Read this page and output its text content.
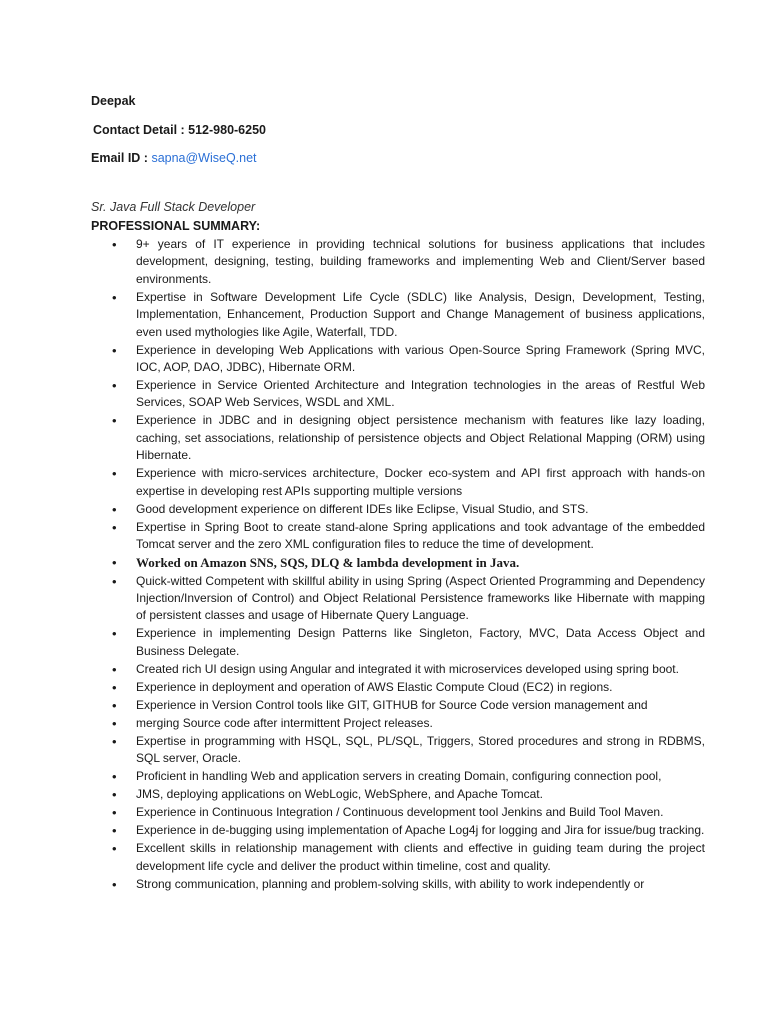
Deepak
Contact Detail : 512-980-6250
Email ID : sapna@WiseQ.net
Sr. Java Full Stack Developer
PROFESSIONAL SUMMARY:
• 9+ years of IT experience in providing technical solutions for business applications that includes development, designing, testing, building frameworks and implementing Web and Client/Server based environments.
• Expertise in Software Development Life Cycle (SDLC) like Analysis, Design, Development, Testing, Implementation, Enhancement, Production Support and Change Management of business applications, even used mythologies like Agile, Waterfall, TDD.
• Experience in developing Web Applications with various Open-Source Spring Framework (Spring MVC, IOC, AOP, DAO, JDBC), Hibernate ORM.
• Experience in Service Oriented Architecture and Integration technologies in the areas of Restful Web Services, SOAP Web Services, WSDL and XML.
• Experience in JDBC and in designing object persistence mechanism with features like lazy loading, caching, set associations, relationship of persistence objects and Object Relational Mapping (ORM) using Hibernate.
• Experience with micro-services architecture, Docker eco-system and API first approach with hands-on expertise in developing rest APIs supporting multiple versions
• Good development experience on different IDEs like Eclipse, Visual Studio, and STS.
• Expertise in Spring Boot to create stand-alone Spring applications and took advantage of the embedded Tomcat server and the zero XML configuration files to reduce the time of development.
• Worked on Amazon SNS, SQS, DLQ & lambda development in Java.
• Quick-witted Competent with skillful ability in using Spring (Aspect Oriented Programming and Dependency Injection/Inversion of Control) and Object Relational Persistence frameworks like Hibernate with mapping of persistent classes and usage of Hibernate Query Language.
• Experience in implementing Design Patterns like Singleton, Factory, MVC, Data Access Object and Business Delegate.
• Created rich UI design using Angular and integrated it with microservices developed using spring boot.
• Experience in deployment and operation of AWS Elastic Compute Cloud (EC2) in regions.
• Experience in Version Control tools like GIT, GITHUB for Source Code version management and
• merging Source code after intermittent Project releases.
• Expertise in programming with HSQL, SQL, PL/SQL, Triggers, Stored procedures and strong in RDBMS, SQL server, Oracle.
• Proficient in handling Web and application servers in creating Domain, configuring connection pool,
• JMS, deploying applications on WebLogic, WebSphere, and Apache Tomcat.
• Experience in Continuous Integration / Continuous development tool Jenkins and Build Tool Maven.
• Experience in de-bugging using implementation of Apache Log4j for logging and Jira for issue/bug tracking.
• Excellent skills in relationship management with clients and effective in guiding team during the project development life cycle and deliver the product within timeline, cost and quality.
• Strong communication, planning and problem-solving skills, with ability to work independently or
